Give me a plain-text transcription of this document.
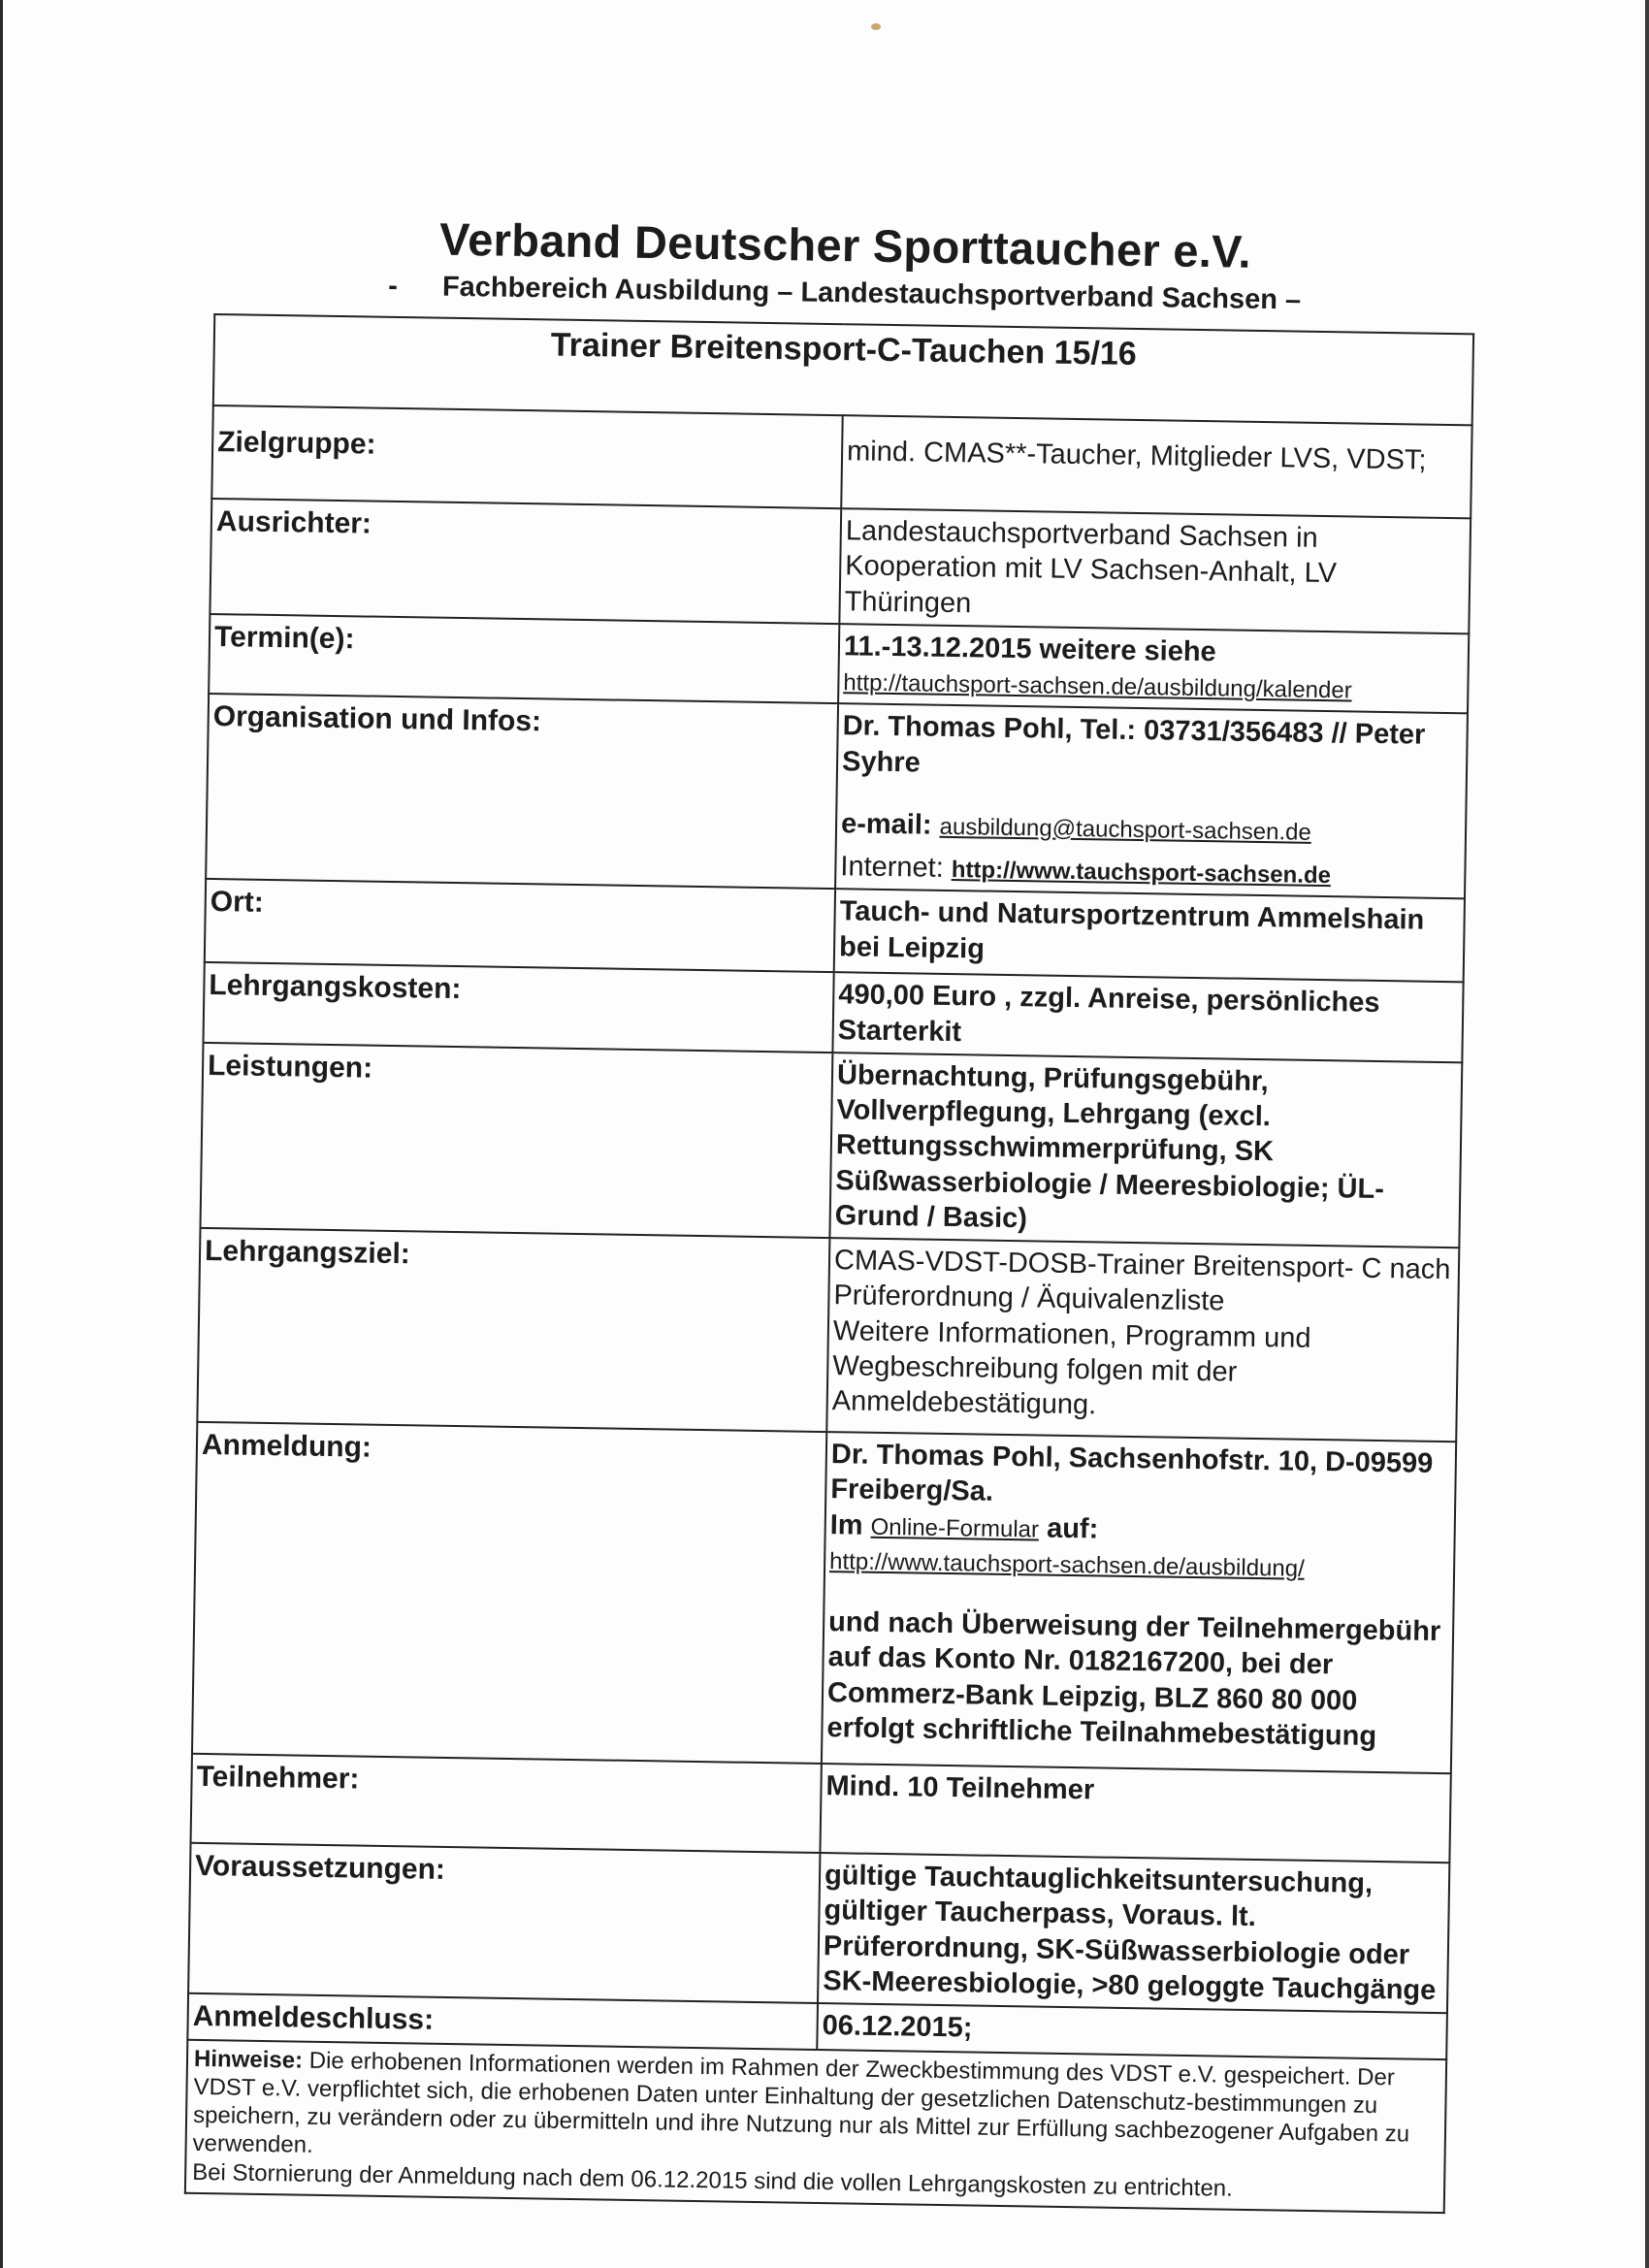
Verband Deutscher Sporttaucher e.V.

- Fachbereich Ausbildung – Landestauchsportverband Sachsen –

Trainer Breitensport-C-Tauchen 15/16	
Zielgruppe:	mind. CMAS**-Taucher, Mitglieder LVS, VDST;
Ausrichter:	Landestauchsportverband Sachsen in Kooperation mit LV Sachsen-Anhalt, LV Thüringen
Termin(e):	11.-13.12.2015 weitere siehe
http://tauchsport-sachsen.de/ausbildung/kalender
Organisation und Infos:	Dr. Thomas Pohl, Tel.: 03731/356483 // Peter Syhre
e-mail: ausbildung@tauchsport-sachsen.de
Internet: http://www.tauchsport-sachsen.de

Ort:	Tauch- und Natursportzentrum Ammelshain bei Leipzig
Lehrgangskosten:	490,00 Euro , zzgl. Anreise, persönliches Starterkit
Leistungen:	Übernachtung, Prüfungsgebühr, Vollverpflegung, Lehrgang (excl. Rettungsschwimmerprüfung, SK Süßwasserbiologie / Meeresbiologie; ÜL-Grund / Basic)
Lehrgangsziel:	CMAS-VDST-DOSB-Trainer Breitensport- C nach Prüferordnung / Äquivalenzliste
Weitere Informationen, Programm und Wegbeschreibung folgen mit der Anmeldebestätigung.

Anmeldung:	Dr. Thomas Pohl, Sachsenhofstr. 10, D-09599 Freiberg/Sa.
Im Online-Formular auf:
http://www.tauchsport-sachsen.de/ausbildung/
und nach Überweisung der Teilnehmergebühr auf das Konto Nr. 0182167200, bei der Commerz-Bank Leipzig, BLZ 860 80 000 erfolgt schriftliche Teilnahmebestätigung

Teilnehmer:	Mind. 10 Teilnehmer
Voraussetzungen:	gültige Tauchtauglichkeitsuntersuchung, gültiger Taucherpass, Voraus. lt. Prüferordnung, SK-Süßwasserbiologie oder SK-Meeresbiologie, >80 geloggte Tauchgänge
Anmeldeschluss:	06.12.2015;
Hinweise: Die erhobenen Informationen werden im Rahmen der Zweckbestimmung des VDST e.V. gespeichert. Der VDST e.V. verpflichtet sich, die erhobenen Daten unter Einhaltung der gesetzlichen Datenschutz-bestimmungen zu speichern, zu verändern oder zu übermitteln und ihre Nutzung nur als Mittel zur Erfüllung sachbezogener Aufgaben zu verwenden.
Bei Stornierung der Anmeldung nach dem 06.12.2015 sind die vollen Lehrgangskosten zu entrichten.
